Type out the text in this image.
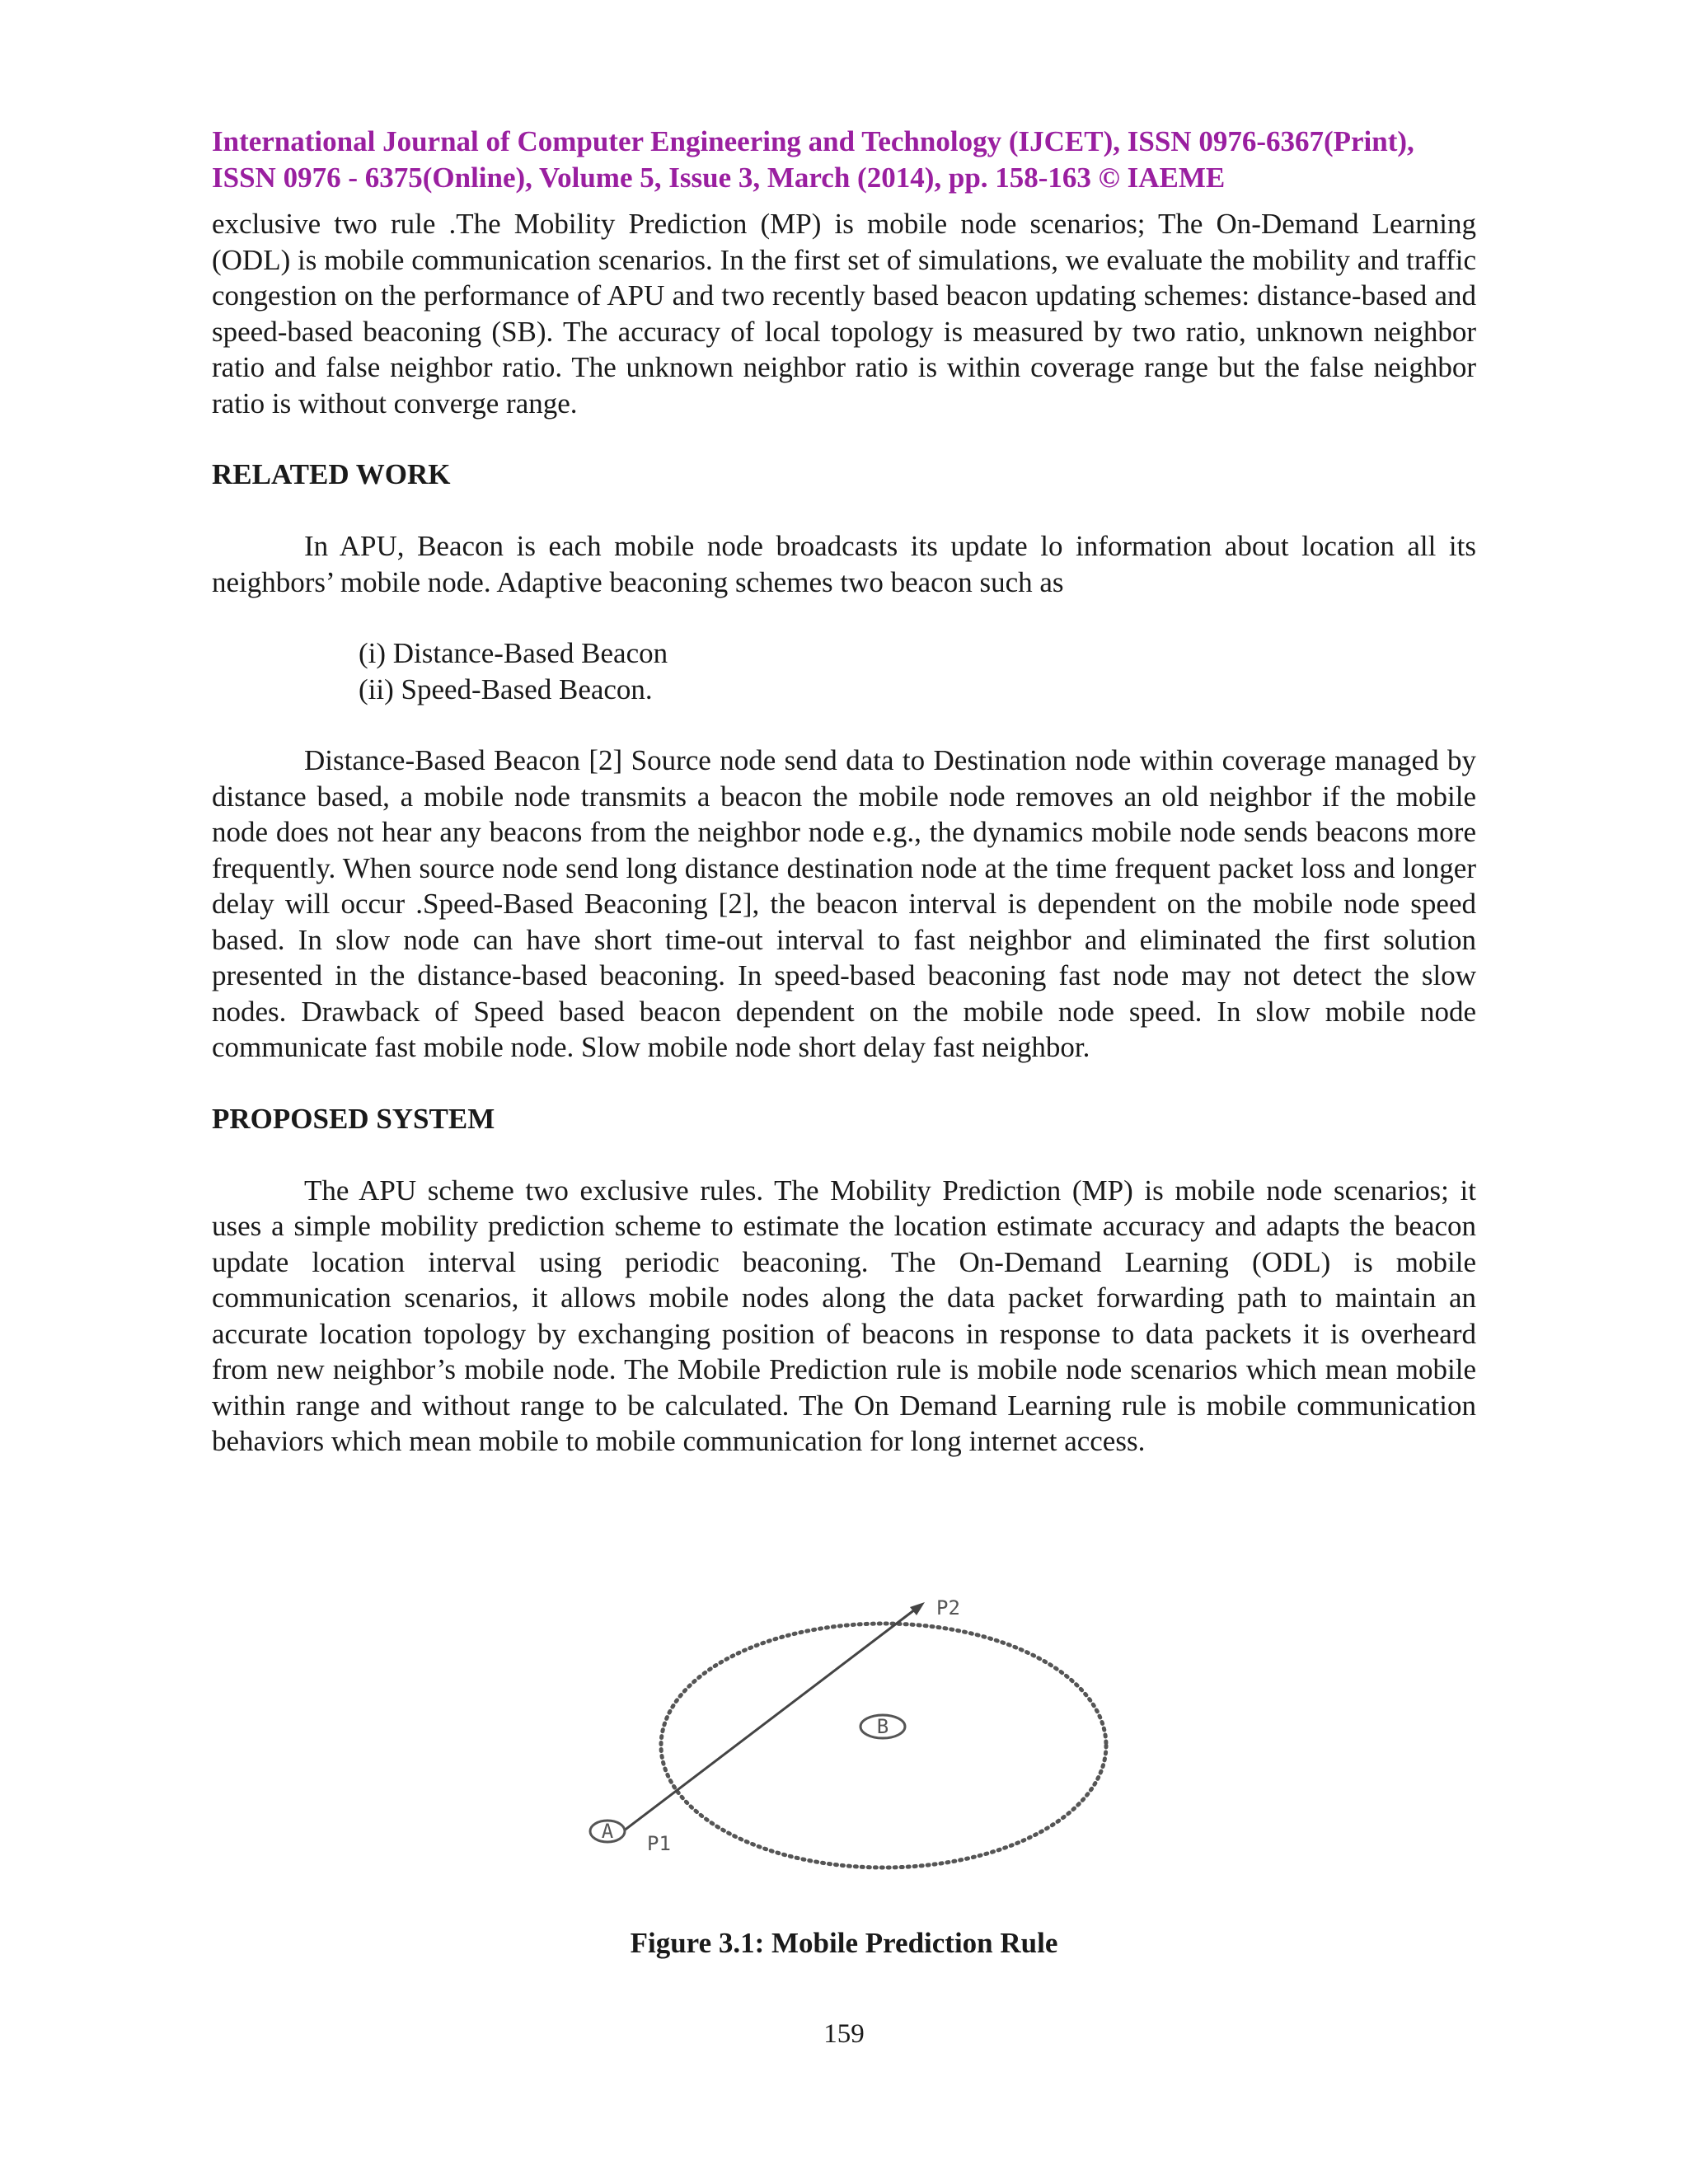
International Journal of Computer Engineering and Technology (IJCET), ISSN 0976-6367(Print),
ISSN 0976 - 6375(Online), Volume 5, Issue 3, March (2014), pp. 158-163 © IAEME

exclusive two rule .The Mobility Prediction (MP) is mobile node scenarios; The On-Demand Learning (ODL) is mobile communication scenarios. In the first set of simulations, we evaluate the mobility and traffic congestion on the performance of APU and two recently based beacon updating schemes: distance-based and speed-based beaconing (SB). The accuracy of local topology is measured by two ratio, unknown neighbor ratio and false neighbor ratio. The unknown neighbor ratio is within coverage range but the false neighbor ratio is without converge range.

RELATED WORK

In APU, Beacon is each mobile node broadcasts its update lo information about location all its neighbors’ mobile node. Adaptive beaconing schemes two beacon such as

(i) Distance-Based Beacon
(ii) Speed-Based Beacon.

Distance-Based Beacon [2] Source node send data to Destination node within coverage managed by distance based, a mobile node transmits a beacon the mobile node removes an old neighbor if the mobile node does not hear any beacons from the neighbor node e.g., the dynamics mobile node sends beacons more frequently. When source node send long distance destination node at the time frequent packet loss and longer delay will occur .Speed-Based Beaconing [2], the beacon interval is dependent on the mobile node speed based. In slow node can have short time-out interval to fast neighbor and eliminated the first solution presented in the distance-based beaconing. In speed-based beaconing fast node may not detect the slow nodes. Drawback of Speed based beacon dependent on the mobile node speed. In slow mobile node communicate fast mobile node. Slow mobile node short delay fast neighbor.

PROPOSED SYSTEM

The APU scheme two exclusive rules. The Mobility Prediction (MP) is mobile node scenarios; it uses a simple mobility prediction scheme to estimate the location estimate accuracy and adapts the beacon update location interval using periodic beaconing. The On-Demand Learning (ODL) is mobile communication scenarios, it allows mobile nodes along the data packet forwarding path to maintain an accurate location topology by exchanging position of beacons in response to data packets it is overheard from new neighbor’s mobile node. The Mobile Prediction rule is mobile node scenarios which mean mobile within range and without range to be calculated. The On Demand Learning rule is mobile communication behaviors which mean mobile to mobile communication for long internet access.

A
B
P1
P2
Figure 3.1: Mobile Prediction Rule
159
